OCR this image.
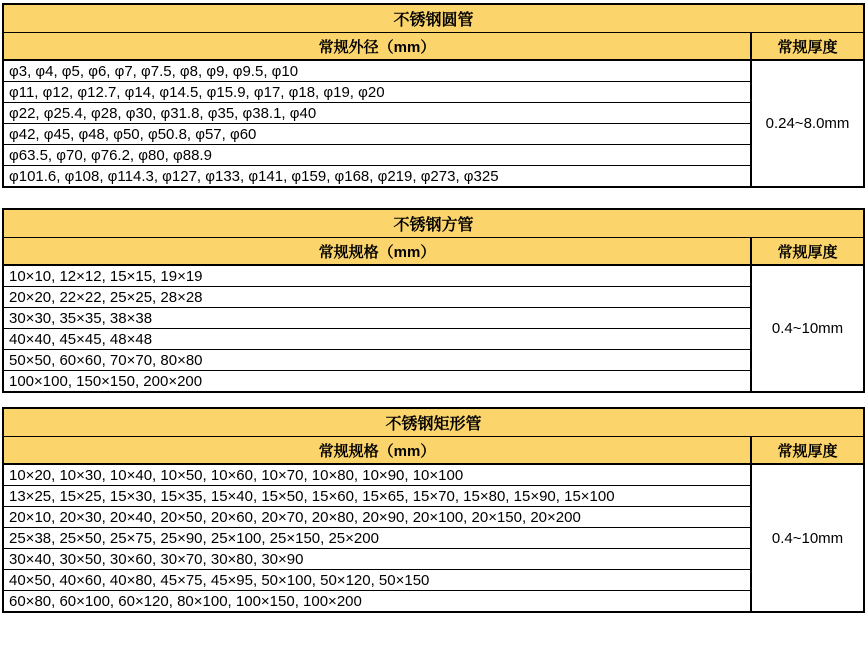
不锈钢圆管	
常规外径（mm）	常规厚度
φ3, φ4, φ5, φ6, φ7, φ7.5, φ8, φ9, φ9.5, φ10	0.24~8.0mm
φ11, φ12, φ12.7, φ14, φ14.5, φ15.9, φ17, φ18, φ19, φ20	
φ22, φ25.4, φ28, φ30, φ31.8, φ35, φ38.1, φ40	
φ42, φ45, φ48, φ50, φ50.8, φ57, φ60	
φ63.5, φ70, φ76.2, φ80, φ88.9	
φ101.6, φ108, φ114.3, φ127, φ133, φ141, φ159, φ168, φ219, φ273, φ325	
不锈钢方管	
常规规格（mm）	常规厚度
10×10, 12×12, 15×15, 19×19	0.4~10mm
20×20, 22×22, 25×25, 28×28	
30×30, 35×35, 38×38	
40×40, 45×45, 48×48	
50×50, 60×60, 70×70, 80×80	
100×100, 150×150, 200×200	
不锈钢矩形管	
常规规格（mm）	常规厚度
10×20, 10×30, 10×40, 10×50, 10×60, 10×70, 10×80, 10×90, 10×100	0.4~10mm
13×25, 15×25, 15×30, 15×35, 15×40, 15×50, 15×60, 15×65, 15×70, 15×80, 15×90, 15×100	
20×10, 20×30, 20×40, 20×50, 20×60, 20×70, 20×80, 20×90, 20×100, 20×150, 20×200	
25×38, 25×50, 25×75, 25×90, 25×100, 25×150, 25×200	
30×40, 30×50, 30×60, 30×70, 30×80, 30×90	
40×50, 40×60, 40×80, 45×75, 45×95, 50×100, 50×120, 50×150	
60×80, 60×100, 60×120, 80×100, 100×150, 100×200	
